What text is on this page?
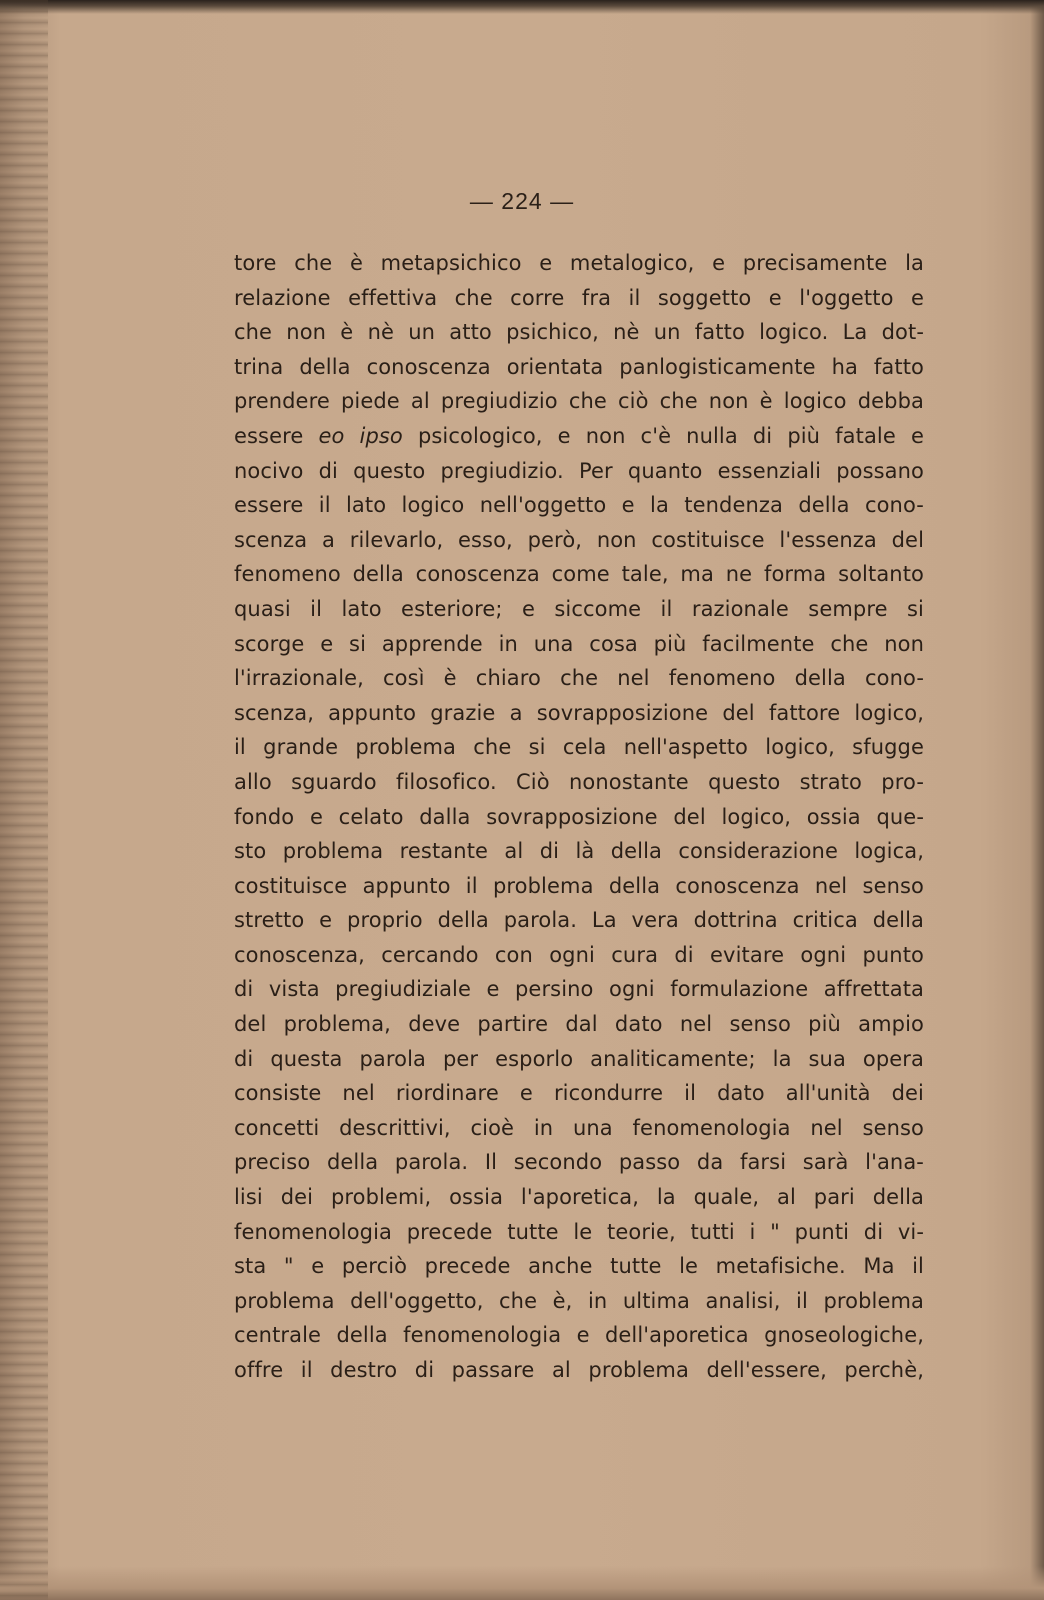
— 224 —
tore che è metapsichico e metalogico, e precisamente la
relazione effettiva che corre fra il soggetto e l'oggetto e
che non è nè un atto psichico, nè un fatto logico. La dot-
trina della conoscenza orientata panlogisticamente ha fatto
prendere piede al pregiudizio che ciò che non è logico debba
essere eo ipso psicologico, e non c'è nulla di più fatale e
nocivo di questo pregiudizio. Per quanto essenziali possano
essere il lato logico nell'oggetto e la tendenza della cono-
scenza a rilevarlo, esso, però, non costituisce l'essenza del
fenomeno della conoscenza come tale, ma ne forma soltanto
quasi il lato esteriore; e siccome il razionale sempre si
scorge e si apprende in una cosa più facilmente che non
l'irrazionale, così è chiaro che nel fenomeno della cono-
scenza, appunto grazie a sovrapposizione del fattore logico,
il grande problema che si cela nell'aspetto logico, sfugge
allo sguardo filosofico. Ciò nonostante questo strato pro-
fondo e celato dalla sovrapposizione del logico, ossia que-
sto problema restante al di là della considerazione logica,
costituisce appunto il problema della conoscenza nel senso
stretto e proprio della parola. La vera dottrina critica della
conoscenza, cercando con ogni cura di evitare ogni punto
di vista pregiudiziale e persino ogni formulazione affrettata
del problema, deve partire dal dato nel senso più ampio
di questa parola per esporlo analiticamente; la sua opera
consiste nel riordinare e ricondurre il dato all'unità dei
concetti descrittivi, cioè in una fenomenologia nel senso
preciso della parola. Il secondo passo da farsi sarà l'ana-
lisi dei problemi, ossia l'aporetica, la quale, al pari della
fenomenologia precede tutte le teorie, tutti i " punti di vi-
sta " e perciò precede anche tutte le metafisiche. Ma il
problema dell'oggetto, che è, in ultima analisi, il problema
centrale della fenomenologia e dell'aporetica gnoseologiche,
offre il destro di passare al problema dell'essere, perchè,
